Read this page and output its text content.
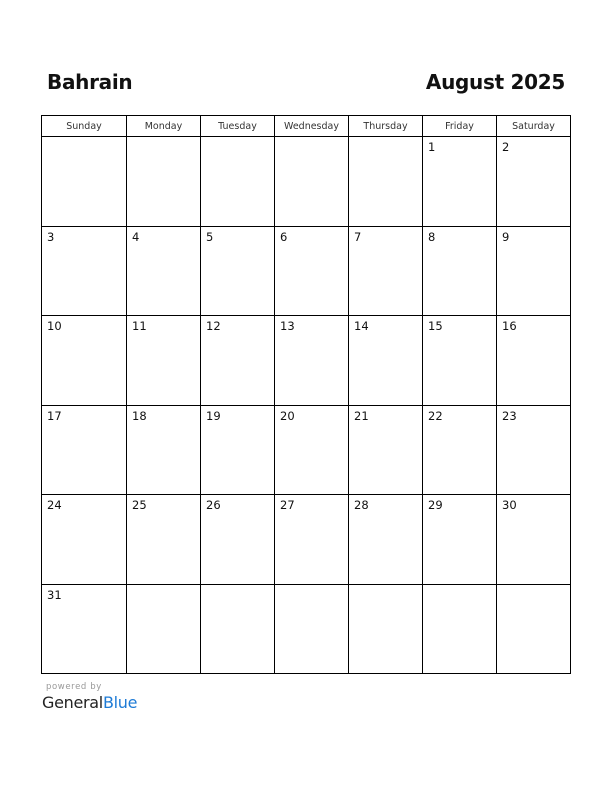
Bahrain	August 2025
Sunday	Monday	Tuesday	Wednesday	Thursday	Friday	Saturday

					1	2

3	4	5	6	7	8	9

10	11	12	13	14	15	16

17	18	19	20	21	22	23

24	25	26	27	28	29	30

31						

powered by
GeneralBlue
